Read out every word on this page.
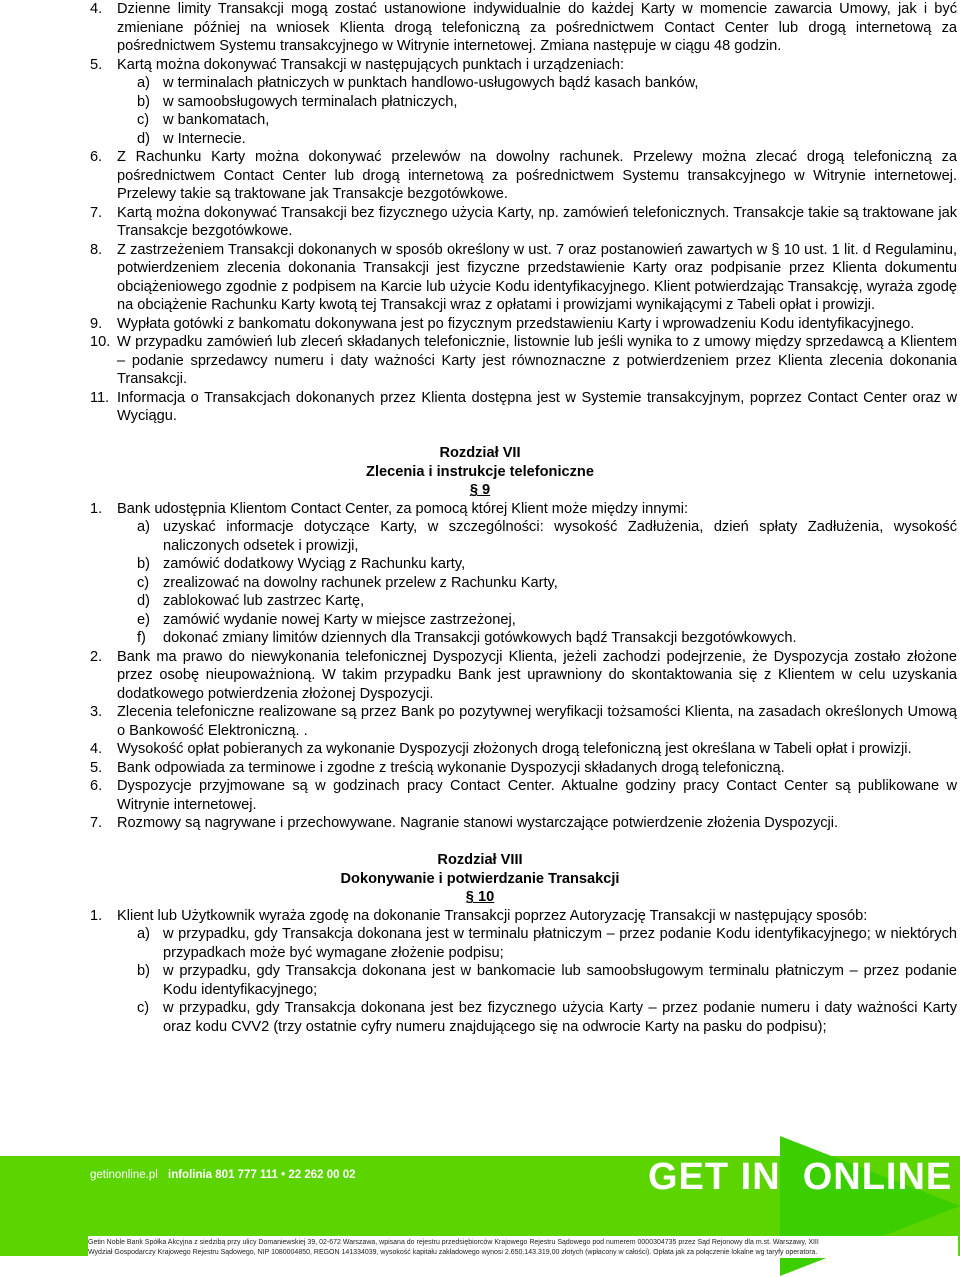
4. Dzienne limity Transakcji mogą zostać ustanowione indywidualnie do każdej Karty w momencie zawarcia Umowy, jak i być zmieniane później na wniosek Klienta drogą telefoniczną za pośrednictwem Contact Center lub drogą internetową za pośrednictwem Systemu transakcyjnego w Witrynie internetowej. Zmiana następuje w ciągu 48 godzin.
5. Kartą można dokonywać Transakcji w następujących punktach i urządzeniach:
a) w terminalach płatniczych w punktach handlowo-usługowych bądź kasach banków,
b) w samoobsługowych terminalach płatniczych,
c) w bankomatach,
d) w Internecie.
6. Z Rachunku Karty można dokonywać przelewów na dowolny rachunek. Przelewy można zlecać drogą telefoniczną za pośrednictwem Contact Center lub drogą internetową za pośrednictwem Systemu transakcyjnego w Witrynie internetowej. Przelewy takie są traktowane jak Transakcje bezgotówkowe.
7. Kartą można dokonywać Transakcji bez fizycznego użycia Karty, np. zamówień telefonicznych. Transakcje takie są traktowane jak Transakcje bezgotówkowe.
8. Z zastrzeżeniem Transakcji dokonanych w sposób określony w ust. 7 oraz postanowień zawartych w § 10 ust. 1 lit. d Regulaminu, potwierdzeniem zlecenia dokonania Transakcji jest fizyczne przedstawienie Karty oraz podpisanie przez Klienta dokumentu obciążeniowego zgodnie z podpisem na Karcie lub użycie Kodu identyfikacyjnego. Klient potwierdzając Transakcję, wyraża zgodę na obciążenie Rachunku Karty kwotą tej Transakcji wraz z opłatami i prowizjami wynikającymi z Tabeli opłat i prowizji.
9. Wypłata gotówki z bankomatu dokonywana jest po fizycznym przedstawieniu Karty i wprowadzeniu Kodu identyfikacyjnego.
10. W przypadku zamówień lub zleceń składanych telefonicznie, listownie lub jeśli wynika to z umowy między sprzedawcą a Klientem – podanie sprzedawcy numeru i daty ważności Karty jest równoznaczne z potwierdzeniem przez Klienta zlecenia dokonania Transakcji.
11. Informacja o Transakcjach dokonanych przez Klienta dostępna jest w Systemie transakcyjnym, poprzez Contact Center oraz w Wyciągu.
Rozdział VII
Zlecenia i instrukcje telefoniczne
§ 9
1. Bank udostępnia Klientom Contact Center, za pomocą której Klient może między innymi:
a) uzyskać informacje dotyczące Karty, w szczególności: wysokość Zadłużenia, dzień spłaty Zadłużenia, wysokość naliczonych odsetek i prowizji,
b) zamówić dodatkowy Wyciąg z Rachunku karty,
c) zrealizować na dowolny rachunek przelew z Rachunku Karty,
d) zablokować lub zastrzec Kartę,
e) zamówić wydanie nowej Karty w miejsce zastrzeżonej,
f) dokonać zmiany limitów dziennych dla Transakcji gotówkowych bądź Transakcji bezgotówkowych.
2. Bank ma prawo do niewykonania telefonicznej Dyspozycji Klienta, jeżeli zachodzi podejrzenie, że Dyspozycja zostało złożone przez osobę nieupoważnioną. W takim przypadku Bank jest uprawniony do skontaktowania się z Klientem w celu uzyskania dodatkowego potwierdzenia złożonej Dyspozycji.
3. Zlecenia telefoniczne realizowane są przez Bank po pozytywnej weryfikacji tożsamości Klienta, na zasadach określonych Umową o Bankowość Elektroniczną. .
4. Wysokość opłat pobieranych za wykonanie Dyspozycji złożonych drogą telefoniczną jest określana w Tabeli opłat i prowizji.
5. Bank odpowiada za terminowe i zgodne z treścią wykonanie Dyspozycji składanych drogą telefoniczną.
6. Dyspozycje przyjmowane są w godzinach pracy Contact Center. Aktualne godziny pracy Contact Center są publikowane w Witrynie internetowej.
7. Rozmowy są nagrywane i przechowywane. Nagranie stanowi wystarczające potwierdzenie złożenia Dyspozycji.
Rozdział VIII
Dokonywanie i potwierdzanie Transakcji
§ 10
1. Klient lub Użytkownik wyraża zgodę na dokonanie Transakcji poprzez Autoryzację Transakcji w następujący sposób:
a) w przypadku, gdy Transakcja dokonana jest w terminalu płatniczym – przez podanie Kodu identyfikacyjnego; w niektórych przypadkach może być wymagane złożenie podpisu;
b) w przypadku, gdy Transakcja dokonana jest w bankomacie lub samoobsługowym terminalu płatniczym – przez podanie Kodu identyfikacyjnego;
c) w przypadku, gdy Transakcja dokonana jest bez fizycznego użycia Karty – przez podanie numeru i daty ważności Karty oraz kodu CVV2 (trzy ostatnie cyfry numeru znajdującego się na odwrocie Karty na pasku do podpisu);
getinonline.pl infolinia 801 777 111 • 22 262 00 02	GET IN ONLINE
Getin Noble Bank Spółka Akcyjna z siedzibą przy ulicy Domaniewskiej 39, 02-672 Warszawa, wpisana do rejestru przedsiębiorców Krajowego Rejestru Sądowego pod numerem 0000304735 przez Sąd Rejonowy dla m.st. Warszawy, XIII
Wydział Gospodarczy Krajowego Rejestru Sądowego, NIP 1080004850, REGON 141334039, wysokość kapitału zakładowego wynosi 2.650.143.319,00 złotych (wpłacony w całości). Opłata jak za połączenie lokalne wg taryfy operatora.
